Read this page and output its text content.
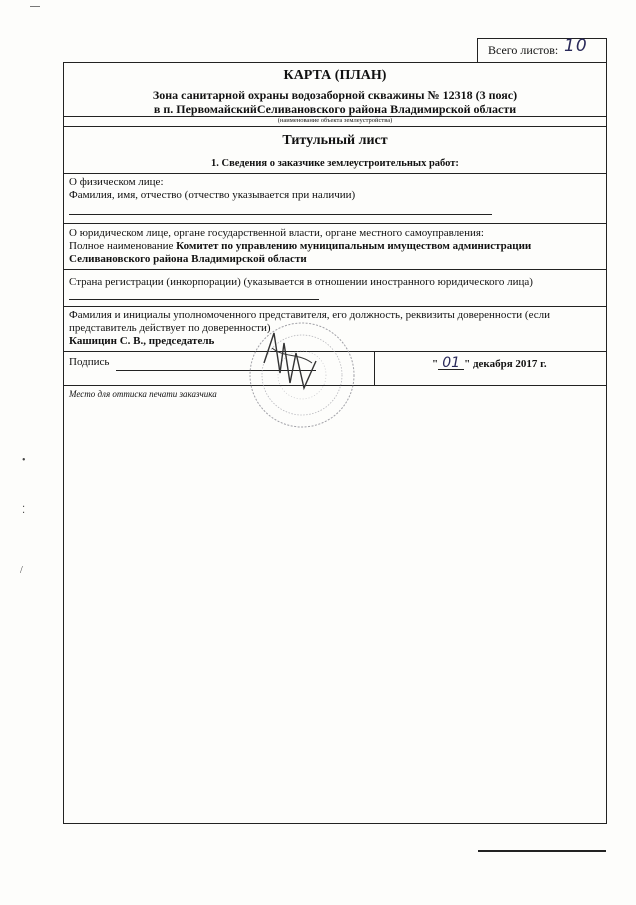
Всего листов: 10
КАРТА (ПЛАН)
Зона санитарной охраны водозаборной скважины № 12318 (3 пояс)
в п. ПервомайскийСеливановского района Владимирской области
(наименование объекта землеустройства)
Титульный лист
1. Сведения о заказчике землеустроительных работ:
О физическом лице:
Фамилия, имя, отчество (отчество указывается при наличии)
О юридическом лице, органе государственной власти, органе местного самоуправления:
Полное наименование Комитет по управлению муниципальным имуществом администрации
Селивановского района Владимирской области
Страна регистрации (инкорпорации) (указывается в отношении иностранного юридического лица)
Фамилия и инициалы уполномоченного представителя, его должность, реквизиты доверенности (если представитель действует по доверенности)
Кашицин С. В., председатель
Подпись	" 01 " декабря 2017 г.
Место для оттиска печати заказчика
•
⁚
/
